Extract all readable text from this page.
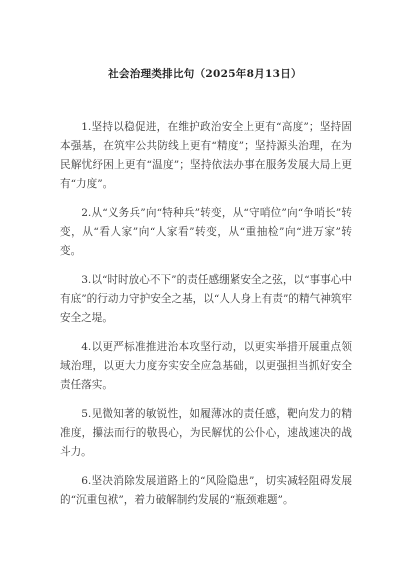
社会治理类排比句（2025年8月13日）

1.坚持以稳促进，在维护政治安全上更有“高度”；坚持固本强基，在筑牢公共防线上更有“精度”；坚持源头治理，在为民解忧纾困上更有“温度”；坚持依法办事在服务发展大局上更有“力度”。

2.从“义务兵”向“特种兵”转变，从“守哨位”向“争哨长”转变，从“看人家”向“人家看”转变，从“重抽检”向“进万家”转变。

3.以“时时放心不下”的责任感绷紧安全之弦，以“事事心中有底”的行动力守护安全之基，以“人人身上有责”的精气神筑牢安全之堤。

4.以更严标准推进治本攻坚行动，以更实举措开展重点领域治理，以更大力度夯实安全应急基础，以更强担当抓好安全责任落实。

5.见微知著的敏锐性，如履薄冰的责任感，靶向发力的精准度，攥法而行的敬畏心，为民解忧的公仆心，速战速决的战斗力。

6.坚决消除发展道路上的“风险隐患”，切实减轻阻碍发展的“沉重包袱”，着力破解制约发展的“瓶颈难题”。
